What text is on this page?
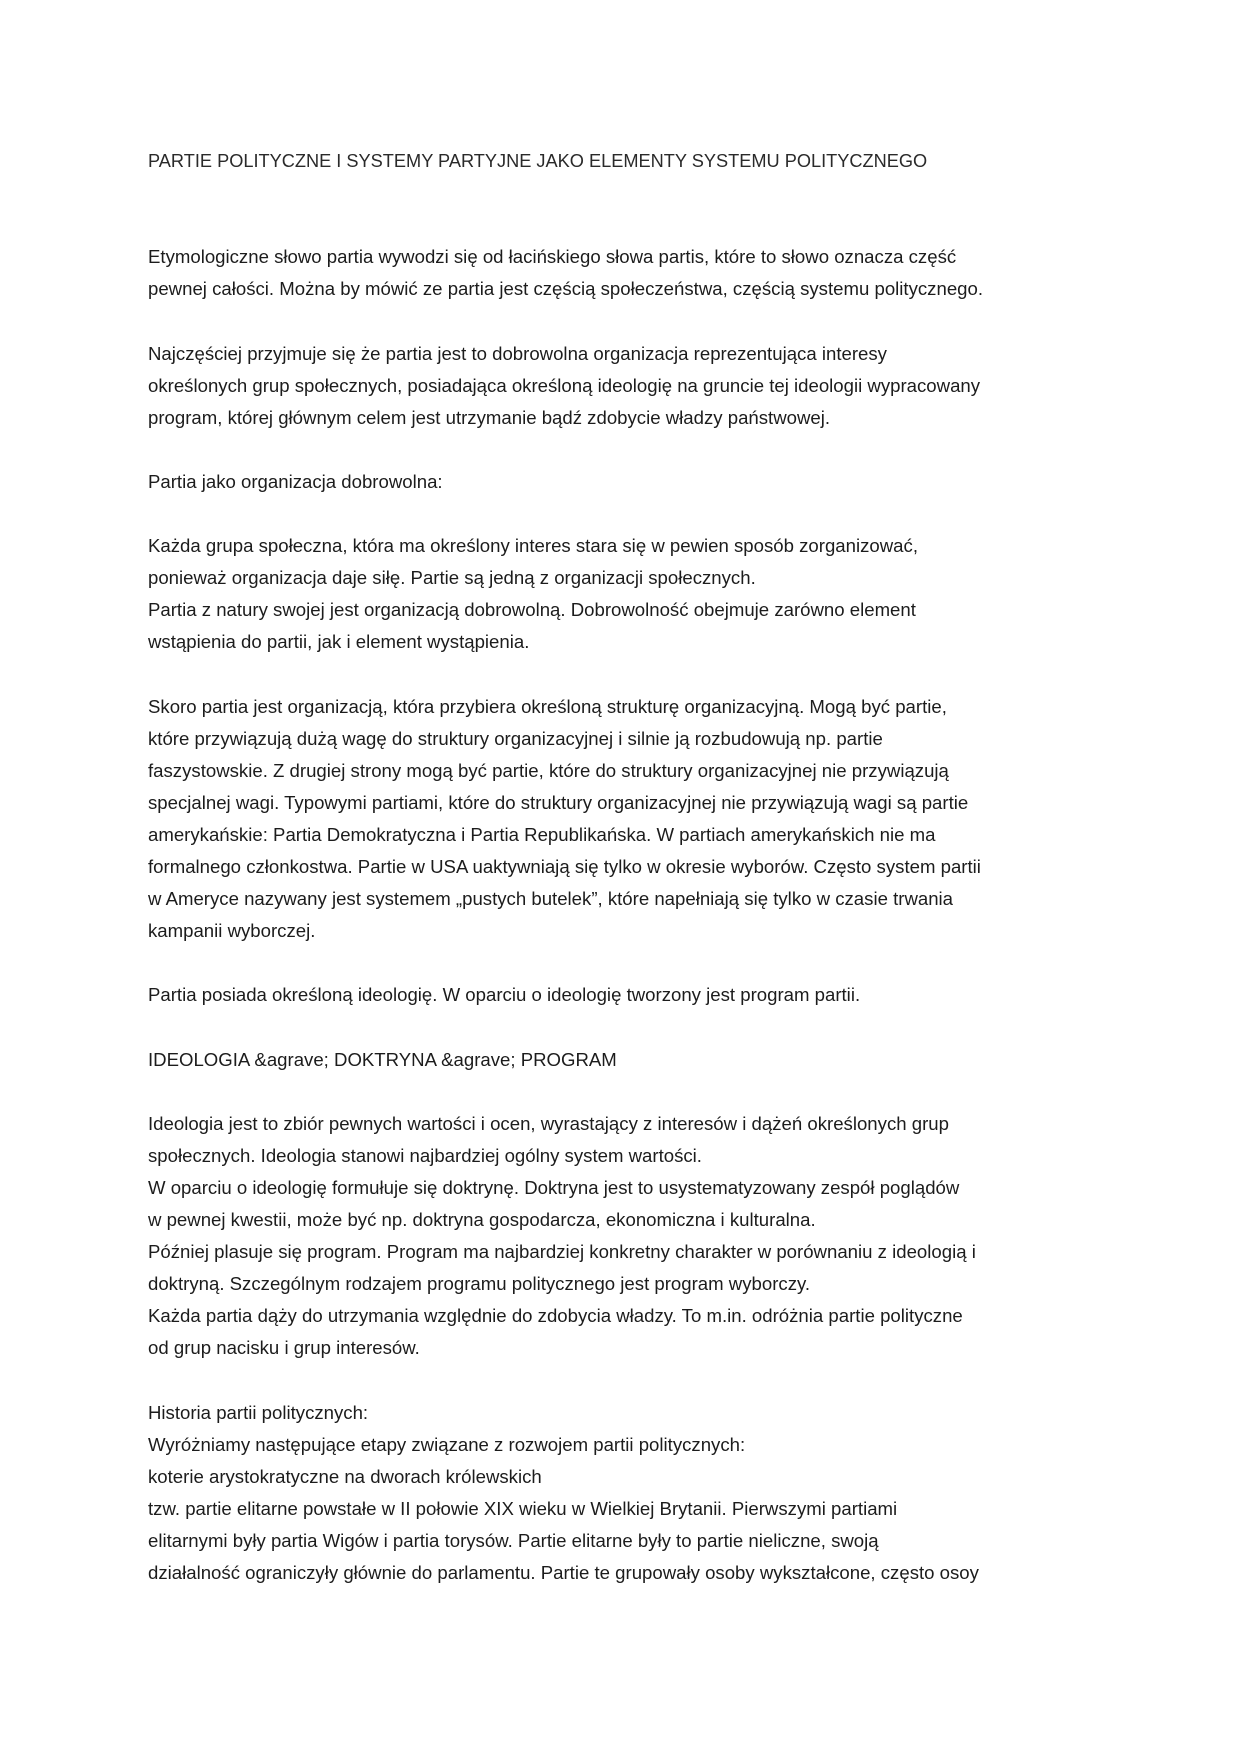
PARTIE POLITYCZNE I SYSTEMY PARTYJNE JAKO ELEMENTY SYSTEMU POLITYCZNEGO
Etymologiczne słowo partia wywodzi się od łacińskiego słowa partis, które to słowo oznacza część
pewnej całości. Można by mówić ze partia jest częścią społeczeństwa, częścią systemu politycznego.
Najczęściej przyjmuje się że partia jest to dobrowolna organizacja reprezentująca interesy
określonych grup społecznych, posiadająca określoną ideologię na gruncie tej ideologii wypracowany
program, której głównym celem jest utrzymanie bądź zdobycie władzy państwowej.
Partia jako organizacja dobrowolna:
Każda grupa społeczna, która ma określony interes stara się w pewien sposób zorganizować,
ponieważ organizacja daje siłę. Partie są jedną z organizacji społecznych.
Partia z natury swojej jest organizacją dobrowolną. Dobrowolność obejmuje zarówno element
wstąpienia do partii, jak i element wystąpienia.
Skoro partia jest organizacją, która przybiera określoną strukturę organizacyjną. Mogą być partie,
które przywiązują dużą wagę do struktury organizacyjnej i silnie ją rozbudowują np. partie
faszystowskie. Z drugiej strony mogą być partie, które do struktury organizacyjnej nie przywiązują
specjalnej wagi. Typowymi partiami, które do struktury organizacyjnej nie przywiązują wagi są partie
amerykańskie: Partia Demokratyczna i Partia Republikańska. W partiach amerykańskich nie ma
formalnego członkostwa. Partie w USA uaktywniają się tylko w okresie wyborów. Często system partii
w Ameryce nazywany jest systemem „pustych butelek”, które napełniają się tylko w czasie trwania
kampanii wyborczej.
Partia posiada określoną ideologię. W oparciu o ideologię tworzony jest program partii.
IDEOLOGIA &agrave; DOKTRYNA &agrave; PROGRAM
Ideologia jest to zbiór pewnych wartości i ocen, wyrastający z interesów i dążeń określonych grup
społecznych. Ideologia stanowi najbardziej ogólny system wartości.
W oparciu o ideologię formułuje się doktrynę. Doktryna jest to usystematyzowany zespół poglądów
w pewnej kwestii, może być np. doktryna gospodarcza, ekonomiczna i kulturalna.
Później plasuje się program. Program ma najbardziej konkretny charakter w porównaniu z ideologią i
doktryną. Szczególnym rodzajem programu politycznego jest program wyborczy.
Każda partia dąży do utrzymania względnie do zdobycia władzy. To m.in. odróżnia partie polityczne
od grup nacisku i grup interesów.
Historia partii politycznych:
Wyróżniamy następujące etapy związane z rozwojem partii politycznych:
koterie arystokratyczne na dworach królewskich
tzw. partie elitarne powstałe w II połowie XIX wieku w Wielkiej Brytanii. Pierwszymi partiami
elitarnymi były partia Wigów i partia torysów. Partie elitarne były to partie nieliczne, swoją
działalność ograniczyły głównie do parlamentu. Partie te grupowały osoby wykształcone, często osoy
